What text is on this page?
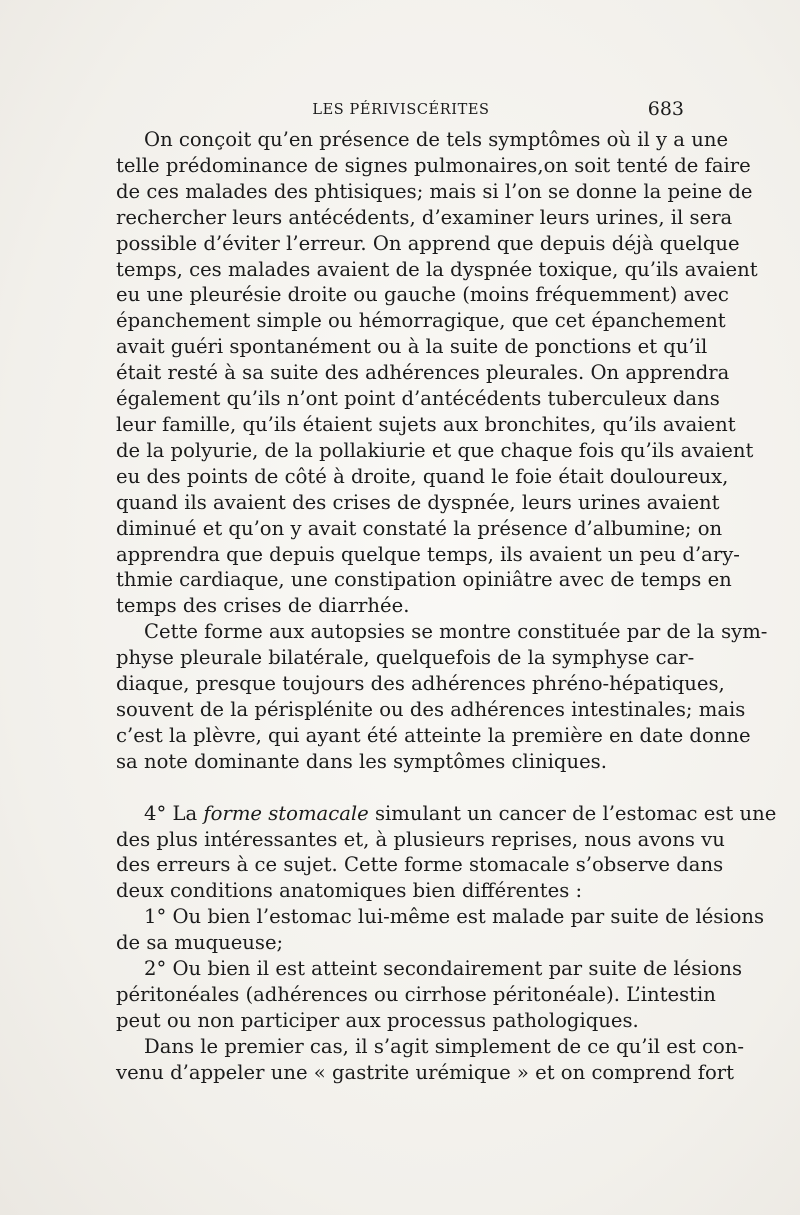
LES PÉRIVISCÉRITES	683
On conçoit qu’en présence de tels symptômes où il y a une
telle prédominance de signes pulmonaires,on soit tenté de faire
de ces malades des phtisiques; mais si l’on se donne la peine de
rechercher leurs antécédents, d’examiner leurs urines, il sera
possible d’éviter l’erreur. On apprend que depuis déjà quelque
temps, ces malades avaient de la dyspnée toxique, qu’ils avaient
eu une pleurésie droite ou gauche (moins fréquemment) avec
épanchement simple ou hémorragique, que cet épanchement
avait guéri spontanément ou à la suite de ponctions et qu’il
était resté à sa suite des adhérences pleurales. On apprendra
également qu’ils n’ont point d’antécédents tuberculeux dans
leur famille, qu’ils étaient sujets aux bronchites, qu’ils avaient
de la polyurie, de la pollakiurie et que chaque fois qu’ils avaient
eu des points de côté à droite, quand le foie était douloureux,
quand ils avaient des crises de dyspnée, leurs urines avaient
diminué et qu’on y avait constaté la présence d’albumine; on
apprendra que depuis quelque temps, ils avaient un peu d’ary-
thmie cardiaque, une constipation opiniâtre avec de temps en
temps des crises de diarrhée.
Cette forme aux autopsies se montre constituée par de la sym-
physe pleurale bilatérale, quelquefois de la symphyse car-
diaque, presque toujours des adhérences phréno-hépatiques,
souvent de la périsplénite ou des adhérences intestinales; mais
c’est la plèvre, qui ayant été atteinte la première en date donne
sa note dominante dans les symptômes cliniques.
4° La forme stomacale simulant un cancer de l’estomac est une
des plus intéressantes et, à plusieurs reprises, nous avons vu
des erreurs à ce sujet. Cette forme stomacale s’observe dans
deux conditions anatomiques bien différentes :
1° Ou bien l’estomac lui-même est malade par suite de lésions
de sa muqueuse;
2° Ou bien il est atteint secondairement par suite de lésions
péritonéales (adhérences ou cirrhose péritonéale). L’intestin
peut ou non participer aux processus pathologiques.
Dans le premier cas, il s’agit simplement de ce qu’il est con-
venu d’appeler une « gastrite urémique » et on comprend fort
